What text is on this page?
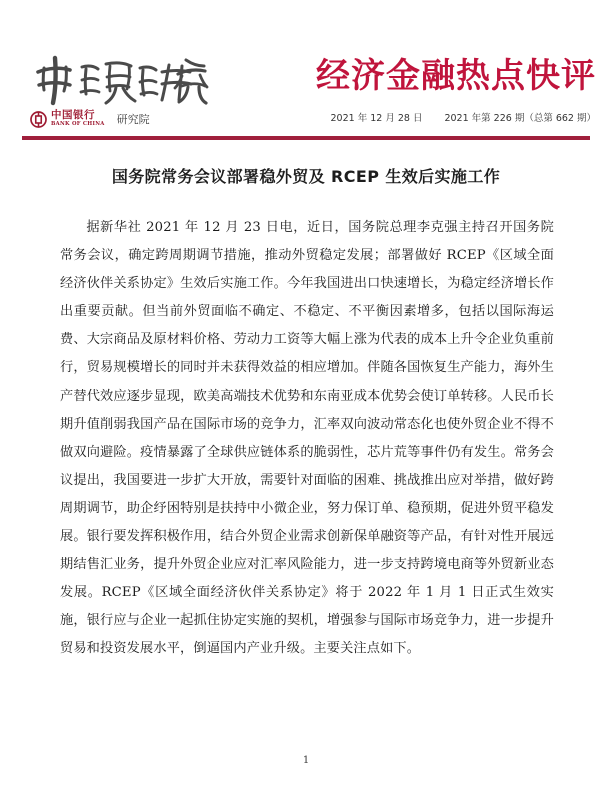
经济金融热点快评
中国银行
BANK OF CHINA 研究院	2021 年 12 月 28 日 2021 年第 226 期（总第 662 期）
国务院常务会议部署稳外贸及 RCEP 生效后实施工作
据新华社 2021 年 12 月 23 日电，近日，国务院总理李克强主持召开国务院常务会议，确定跨周期调节措施，推动外贸稳定发展；部署做好 RCEP《区域全面经济伙伴关系协定》生效后实施工作。今年我国进出口快速增长，为稳定经济增长作出重要贡献。但当前外贸面临不确定、不稳定、不平衡因素增多，包括以国际海运费、大宗商品及原材料价格、劳动力工资等大幅上涨为代表的成本上升令企业负重前行，贸易规模增长的同时并未获得效益的相应增加。伴随各国恢复生产能力，海外生产替代效应逐步显现，欧美高端技术优势和东南亚成本优势会使订单转移。人民币长期升值削弱我国产品在国际市场的竞争力，汇率双向波动常态化也使外贸企业不得不做双向避险。疫情暴露了全球供应链体系的脆弱性，芯片荒等事件仍有发生。常务会议提出，我国要进一步扩大开放，需要针对面临的困难、挑战推出应对举措，做好跨周期调节，助企纾困特别是扶持中小微企业，努力保订单、稳预期，促进外贸平稳发展。银行要发挥积极作用，结合外贸企业需求创新保单融资等产品，有针对性开展远期结售汇业务，提升外贸企业应对汇率风险能力，进一步支持跨境电商等外贸新业态发展。RCEP《区域全面经济伙伴关系协定》将于 2022 年 1 月 1 日正式生效实施，银行应与企业一起抓住协定实施的契机，增强参与国际市场竞争力，进一步提升贸易和投资发展水平，倒逼国内产业升级。主要关注点如下。
1
